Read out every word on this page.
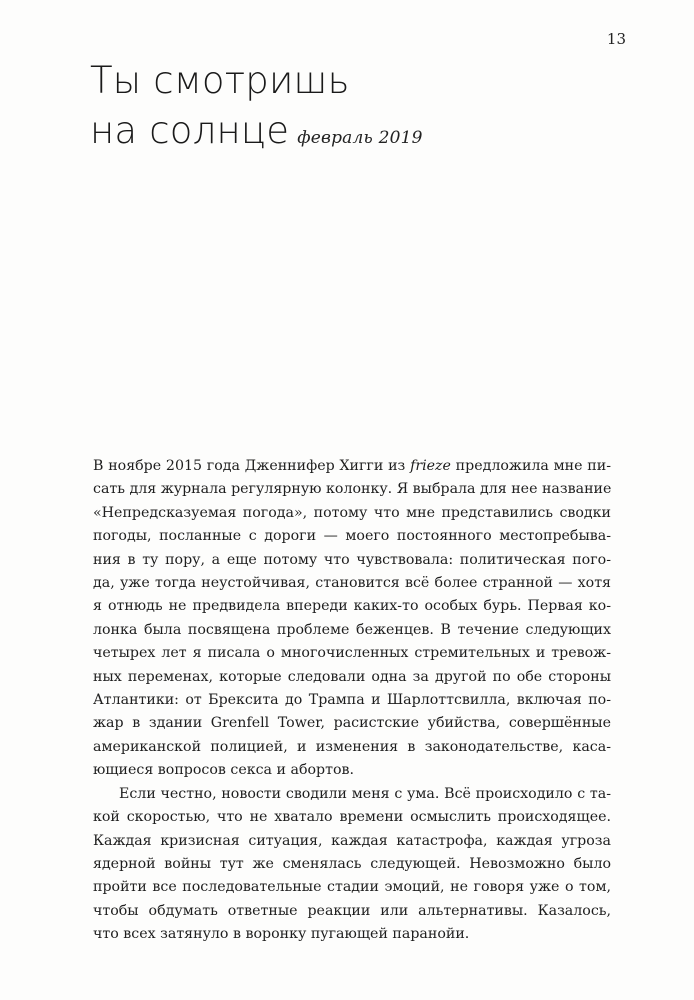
13
Ты смотришь
на солнце февраль 2019

В ноябре 2015 года Дженнифер Хигги из frieze предложила мне пи-
сать для журнала регулярную колонку. Я выбрала для нее название
«Непредсказуемая погода», потому что мне представились сводки
погоды, посланные с дороги — моего постоянного местопребыва-
ния в ту пору, а еще потому что чувствовала: политическая пого-
да, уже тогда неустойчивая, становится всё более странной — хотя
я отнюдь не предвидела впереди каких-то особых бурь. Первая ко-
лонка была посвящена проблеме беженцев. В течение следующих
четырех лет я писала о многочисленных стремительных и тревож-
ных переменах, которые следовали одна за другой по обе стороны
Атлантики: от Брексита до Трампа и Шарлоттсвилла, включая по-
жар в здании Grenfell Tower, расистские убийства, совершённые
американской полицией, и изменения в законодательстве, каса-
ющиеся вопросов секса и абортов.

Если честно, новости сводили меня с ума. Всё происходило с та-
кой скоростью, что не хватало времени осмыслить происходящее.
Каждая кризисная ситуация, каждая катастрофа, каждая угроза
ядерной войны тут же сменялась следующей. Невозможно было
пройти все последовательные стадии эмоций, не говоря уже о том,
чтобы обдумать ответные реакции или альтернативы. Казалось,
что всех затянуло в воронку пугающей паранойи.
